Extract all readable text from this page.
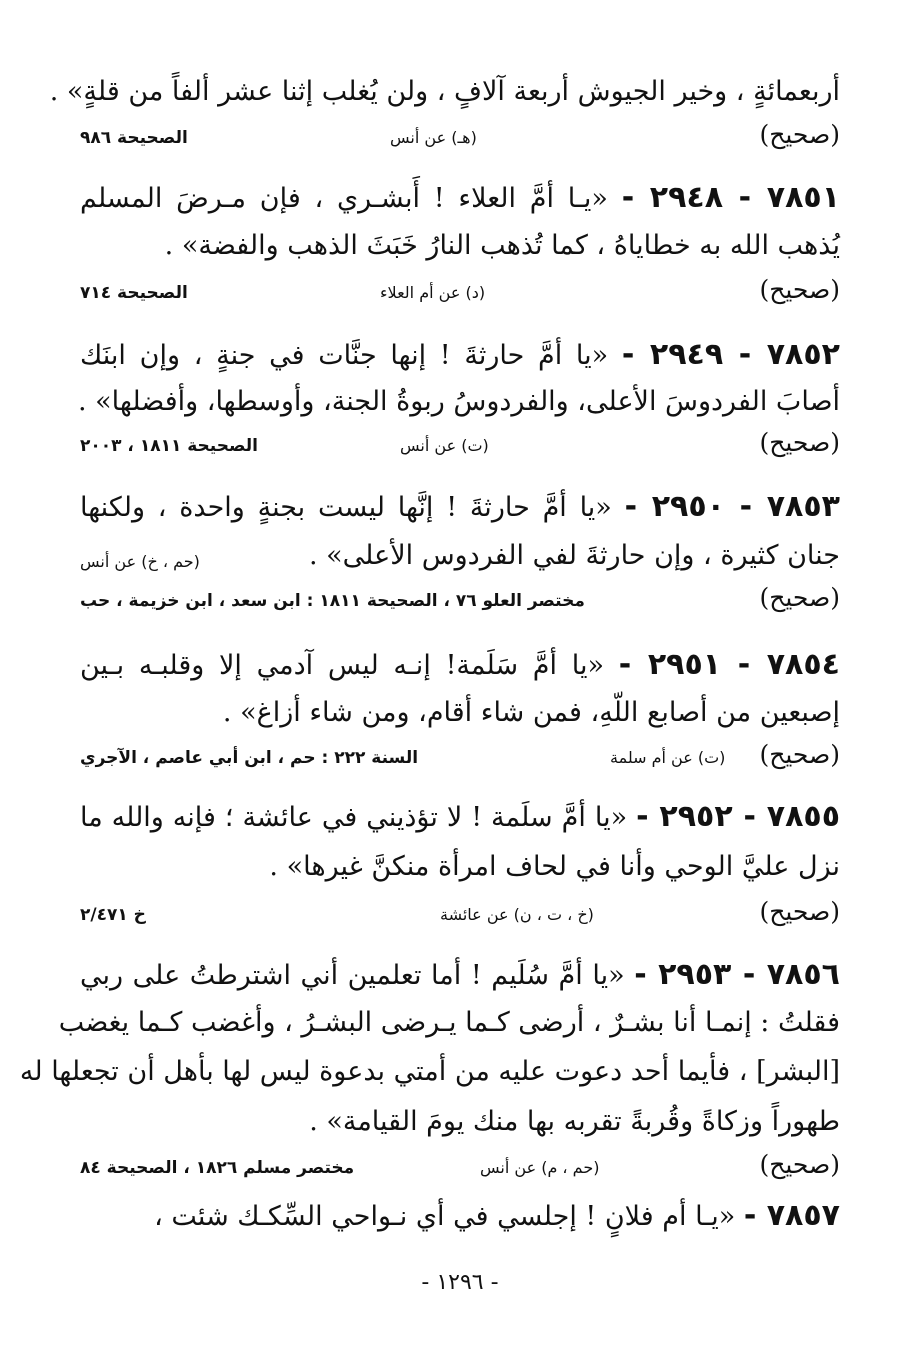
أربعمائةٍ ، وخير الجيوش أربعة آلافٍ ، ولن يُغلب إثنا عشر ألفاً من قلةٍ» .
(صحيح)
(هـ) عن أنس
الصحيحة ٩٨٦
٧٨٥١ - ٢٩٤٨ - «يـا أمَّ العلاء ! أَبشـري ، فإن مـرضَ المسلم
يُذهب الله به خطاياهُ ، كما تُذهب النارُ خَبَثَ الذهب والفضة» .
(صحيح)
(د) عن أم العلاء
الصحيحة ٧١٤
٧٨٥٢ - ٢٩٤٩ - «يا أمَّ حارثةَ ! إنها جنَّات في جنةٍ ، وإن ابنَك
أصابَ الفردوسَ الأعلى، والفردوسُ ربوةُ الجنة، وأوسطها، وأفضلها» .
(صحيح)
(ت) عن أنس
الصحيحة ١٨١١ ، ٢٠٠٣
٧٨٥٣ - ٢٩٥٠ - «يا أمَّ حارثةَ ! إنَّها ليست بجنةٍ واحدة ، ولكنها
جنان كثيرة ، وإن حارثةَ لفي الفردوس الأعلى» .
(حم ، خ) عن أنس
(صحيح)
مختصر العلو ٧٦ ، الصحيحة ١٨١١ : ابن سعد ، ابن خزيمة ، حب
٧٨٥٤ - ٢٩٥١ - «يا أمَّ سَلَمة! إنـه ليس آدمي إلا وقلبـه بـين
إصبعين من أصابع اللّهِ، فمن شاء أقام، ومن شاء أزاغ» .
(صحيح)
(ت) عن أم سلمة
السنة ٢٢٢ : حم ، ابن أبي عاصم ، الآجري
٧٨٥٥ - ٢٩٥٢ - «يا أمَّ سلَمة ! لا تؤذيني في عائشة ؛ فإنه والله ما
نزل عليَّ الوحي وأنا في لحاف امرأة منكنَّ غيرها» .
(صحيح)
(خ ، ت ، ن) عن عائشة
خ ٢/٤٧١
٧٨٥٦ - ٢٩٥٣ - «يا أمَّ سُلَيم ! أما تعلمين أني اشترطتُ على ربي
فقلتُ : إنمـا أنا بشـرٌ ، أرضى كـما يـرضى البشـرُ ، وأغضب كـما يغضب
[البشر] ، فأيما أحد دعوت عليه من أمتي بدعوة ليس لها بأهل أن تجعلها له
طهوراً وزكاةً وقُربةً تقربه بها منك يومَ القيامة» .
(صحيح)
(حم ، م) عن أنس
مختصر مسلم ١٨٢٦ ، الصحيحة ٨٤
٧٨٥٧ - «يـا أم فلانٍ ! إجلسي في أي نـواحي السِّكـك شئت ،
- ١٢٩٦ -
